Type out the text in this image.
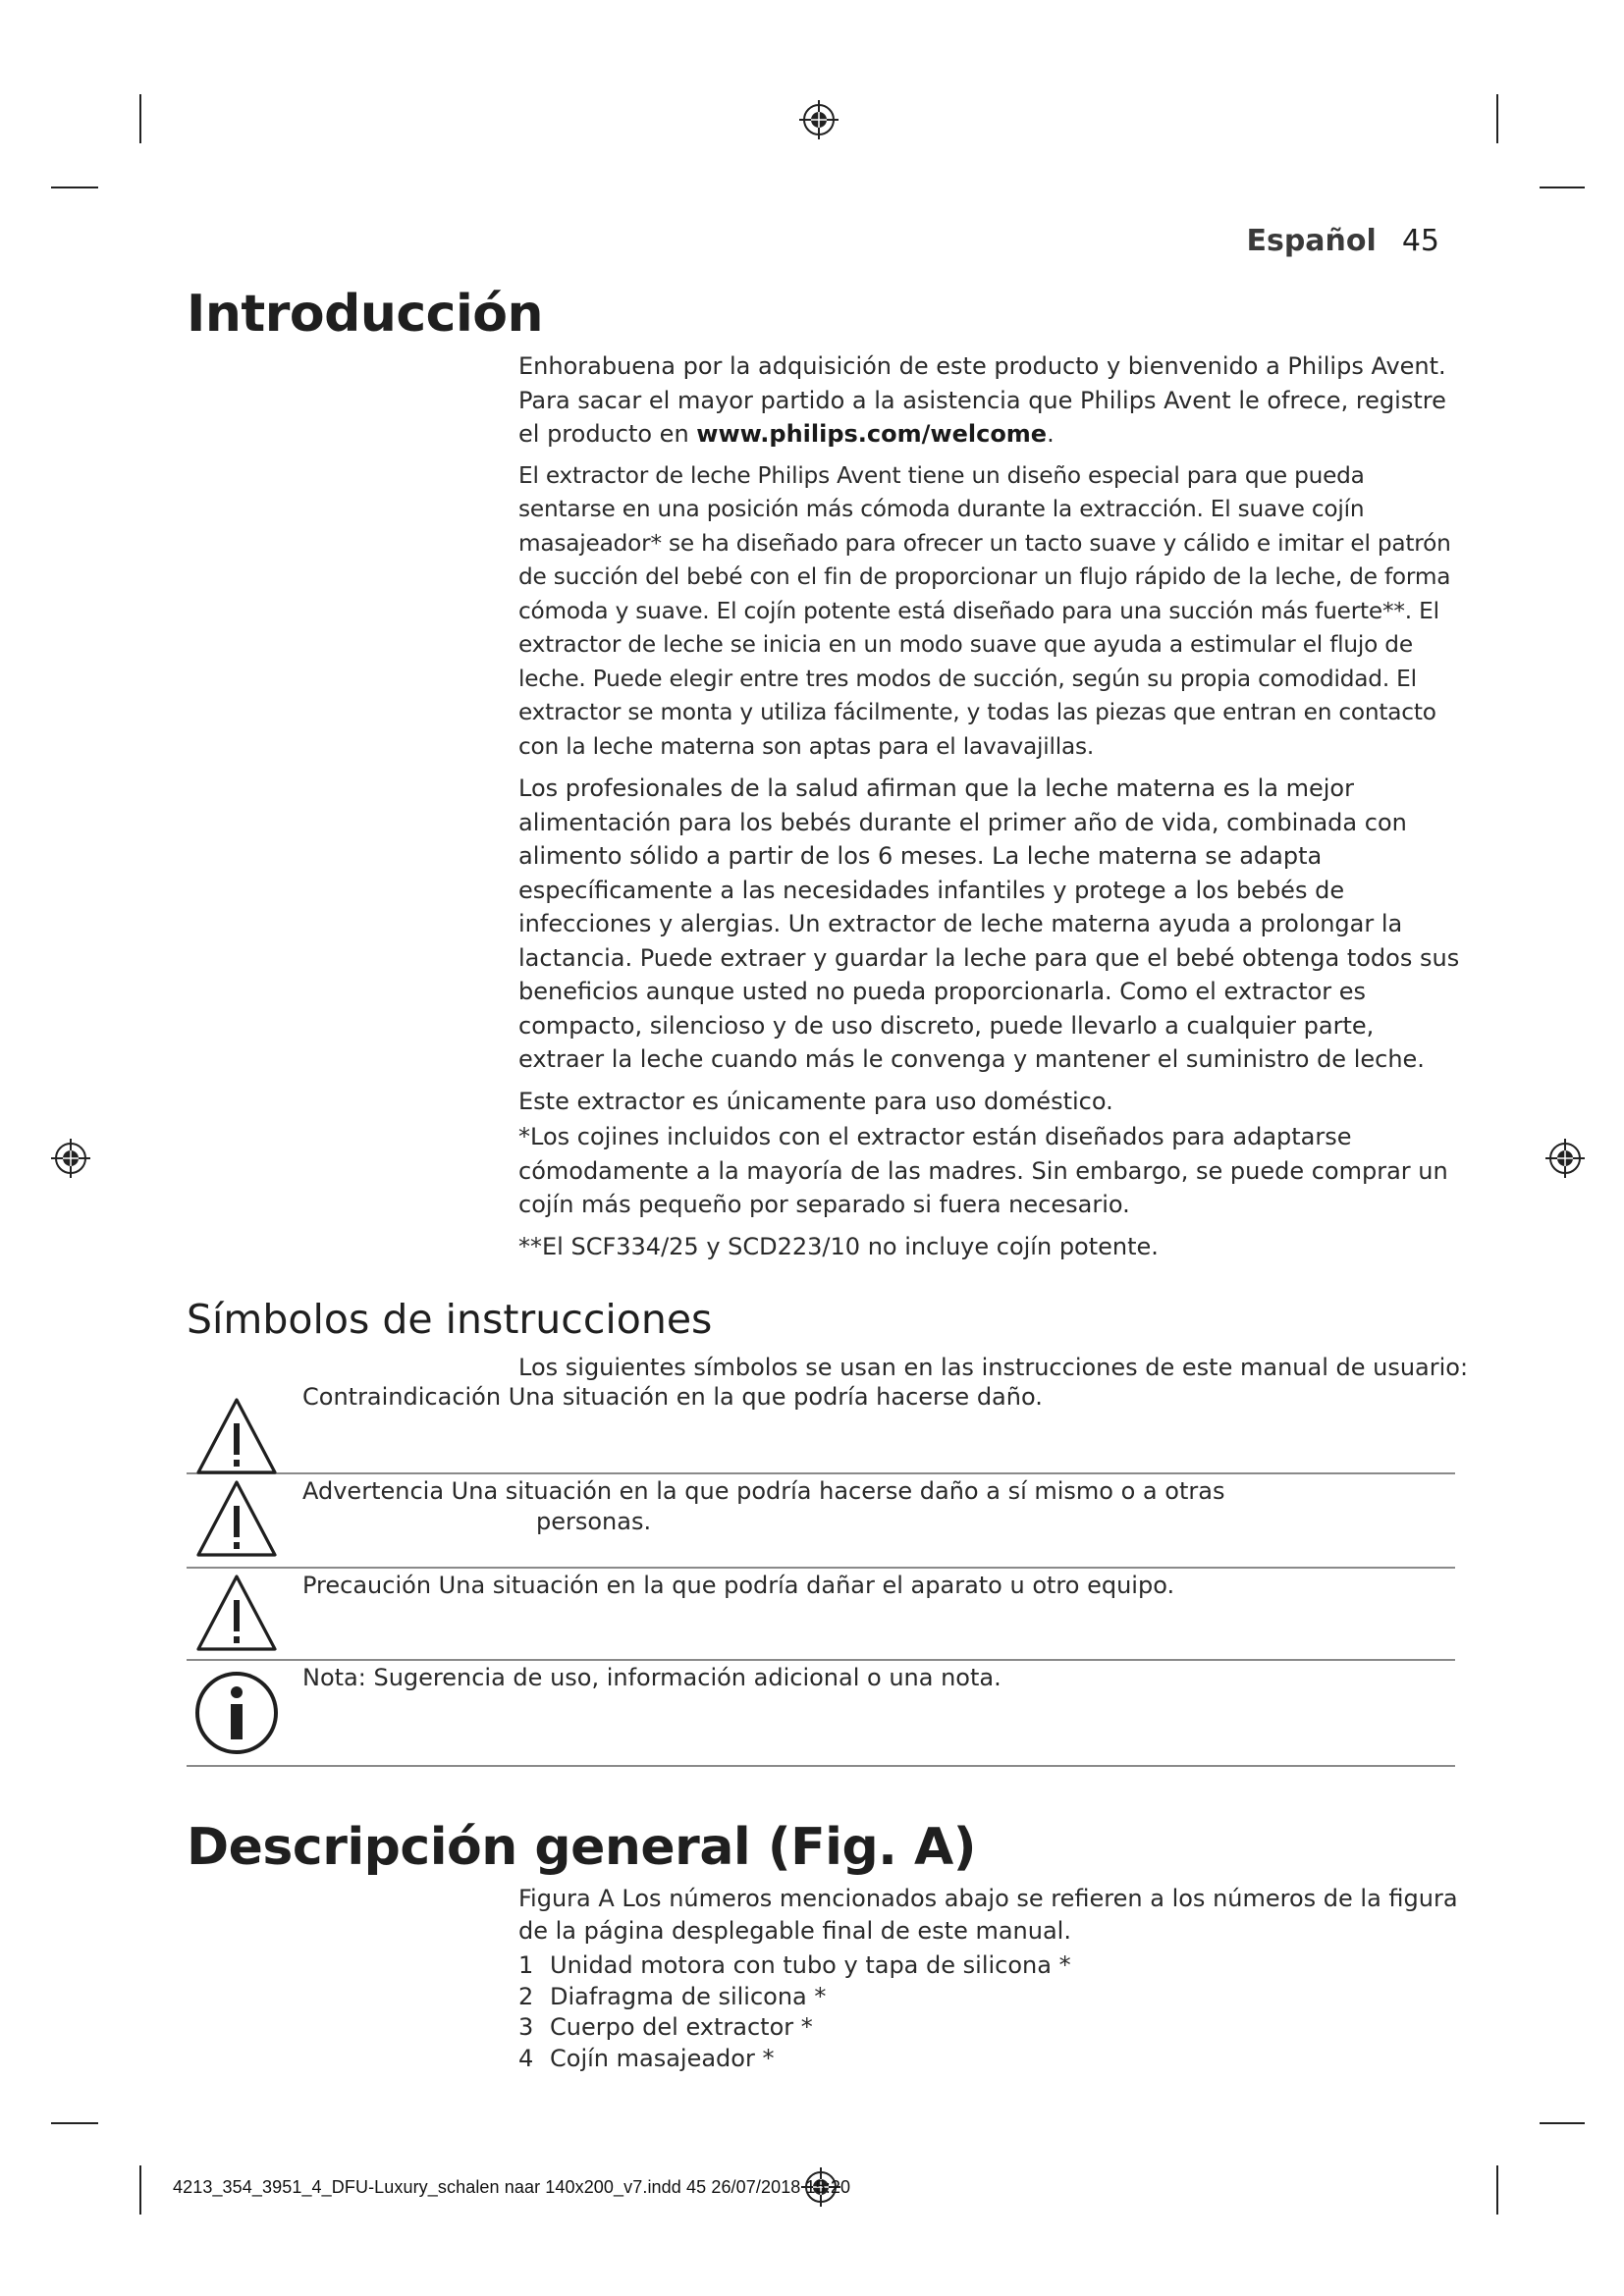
Español 45
Introducción

Enhorabuena por la adquisición de este producto y bienvenido a Philips Avent. Para sacar el mayor partido a la asistencia que Philips Avent le ofrece, registre el producto en www.philips.com/welcome.

El extractor de leche Philips Avent tiene un diseño especial para que pueda sentarse en una posición más cómoda durante la extracción. El suave cojín masajeador* se ha diseñado para ofrecer un tacto suave y cálido e imitar el patrón de succión del bebé con el fin de proporcionar un flujo rápido de la leche, de forma cómoda y suave. El cojín potente está diseñado para una succión más fuerte**. El extractor de leche se inicia en un modo suave que ayuda a estimular el flujo de leche. Puede elegir entre tres modos de succión, según su propia comodidad. El extractor se monta y utiliza fácilmente, y todas las piezas que entran en contacto con la leche materna son aptas para el lavavajillas.

Los profesionales de la salud afirman que la leche materna es la mejor alimentación para los bebés durante el primer año de vida, combinada con alimento sólido a partir de los 6 meses. La leche materna se adapta específicamente a las necesidades infantiles y protege a los bebés de infecciones y alergias. Un extractor de leche materna ayuda a prolongar la lactancia. Puede extraer y guardar la leche para que el bebé obtenga todos sus beneficios aunque usted no pueda proporcionarla. Como el extractor es compacto, silencioso y de uso discreto, puede llevarlo a cualquier parte, extraer la leche cuando más le convenga y mantener el suministro de leche.

Este extractor es únicamente para uso doméstico.

*Los cojines incluidos con el extractor están diseñados para adaptarse cómodamente a la mayoría de las madres. Sin embargo, se puede comprar un cojín más pequeño por separado si fuera necesario.

**El SCF334/25 y SCD223/10 no incluye cojín potente.

Símbolos de instrucciones
Los siguientes símbolos se usan en las instrucciones de este manual de usuario:
Contraindicación Una situación en la que podría hacerse daño.
Advertencia Una situación en la que podría hacerse daño a sí mismo o a otras
personas.
Precaución Una situación en la que podría dañar el aparato u otro equipo.
Nota: Sugerencia de uso, información adicional o una nota.
Descripción general (Fig. A)

Figura A Los números mencionados abajo se refieren a los números de la figura de la página desplegable final de este manual.

1 Unidad motora con tubo y tapa de silicona *
2 Diafragma de silicona *
3 Cuerpo del extractor *
4 Cojín masajeador *
4213_354_3951_4_DFU-Luxury_schalen naar 140x200_v7.indd 45 26/07/2018 15:20
